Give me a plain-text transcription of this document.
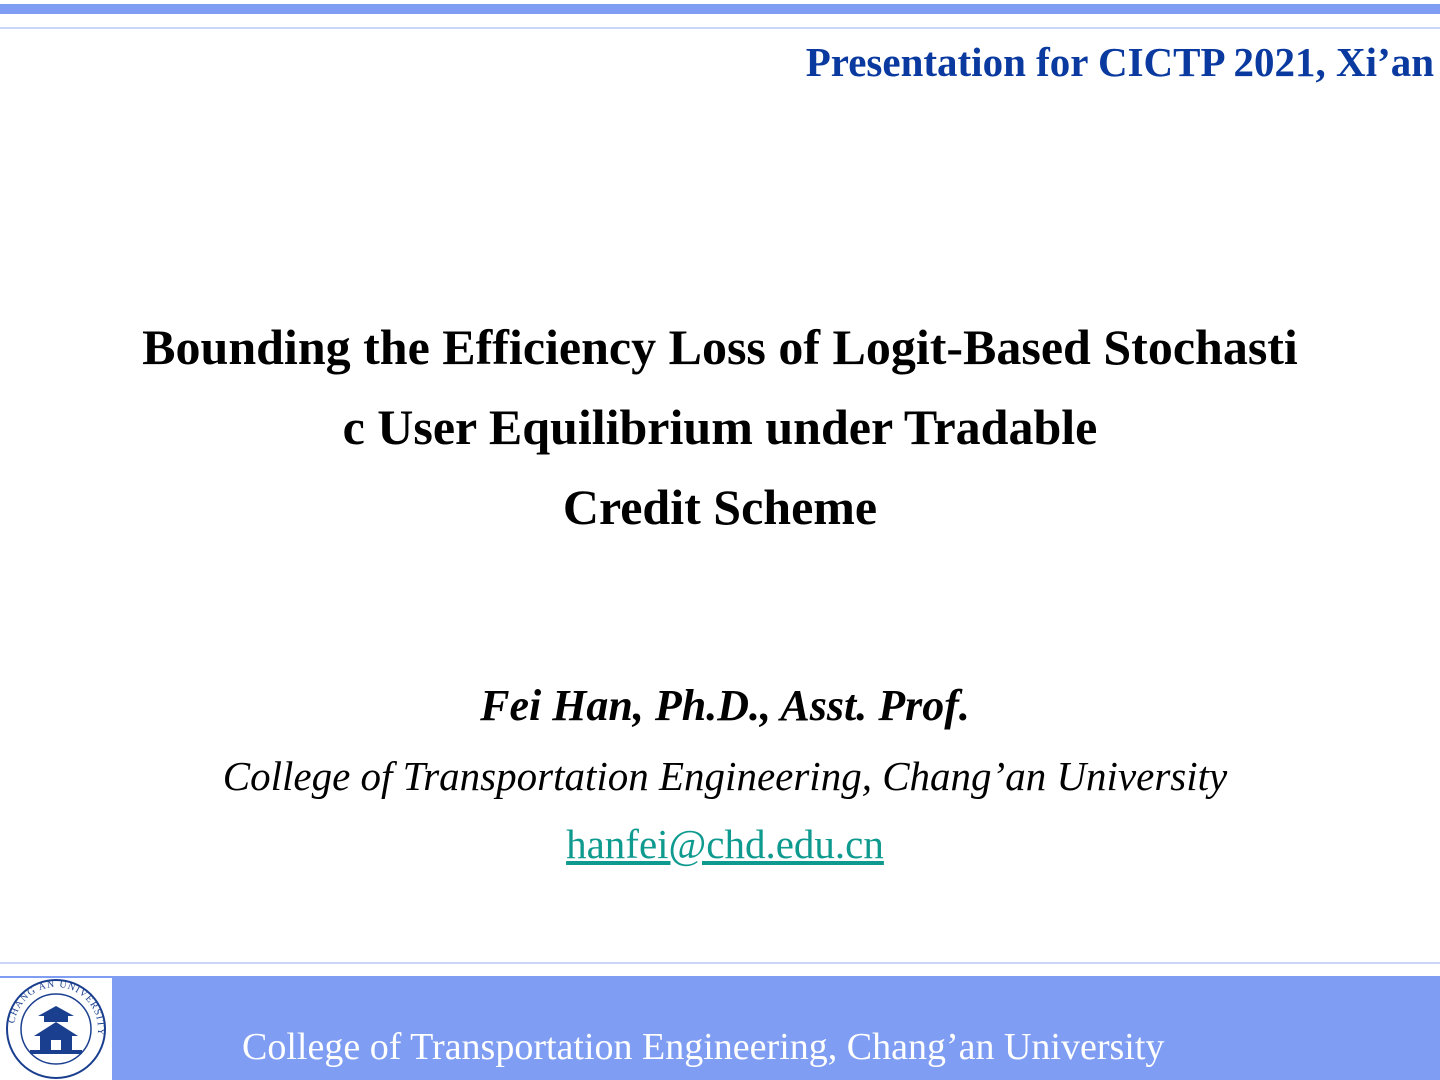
Presentation for CICTP 2021, Xi’an
Bounding the Efficiency Loss of Logit-Based Stochasti
c User Equilibrium under Tradable
Credit Scheme
Fei Han, Ph.D., Asst. Prof.
College of Transportation Engineering, Chang’an University
hanfei@chd.edu.cn
CHANG AN UNIVERSITY	College of Transportation Engineering, Chang’an University
